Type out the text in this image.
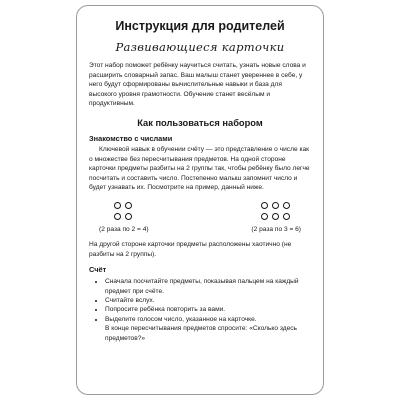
Инструкция для родителей
Развивающиеся карточки
Этот набор поможет ребёнку научиться считать, узнать новые слова и расширить словарный запас. Ваш малыш станет увереннее в себе, у него будут сформированы вычислительные навыки и база для высокого уровня грамотности. Обучение станет весёлым и продуктивным.
Как пользоваться набором
Знакомство с числами
Ключевой навык в обучении счёту — это представление о числе как о множестве без пересчитывания предметов. На одной стороне карточки предметы разбиты на 2 группы так, чтобы ребёнку было легче посчитать и составить число. Постепенно малыш запомнит число и будет узнавать их. Посмотрите на пример, данный ниже.
(2 раза по 2 = 4)	(2 раза по 3 = 6)
На другой стороне карточки предметы расположены хаотично (не разбиты на 2 группы).
Счёт
• Сначала посчитайте предметы, показывая пальцем на каждый предмет при счёте.
• Считайте вслух.
• Попросите ребёнка повторить за вами.
• Выделите голосом число, указанное на карточке.
В конце пересчитывания предметов спросите: «Сколько здесь предметов?»
